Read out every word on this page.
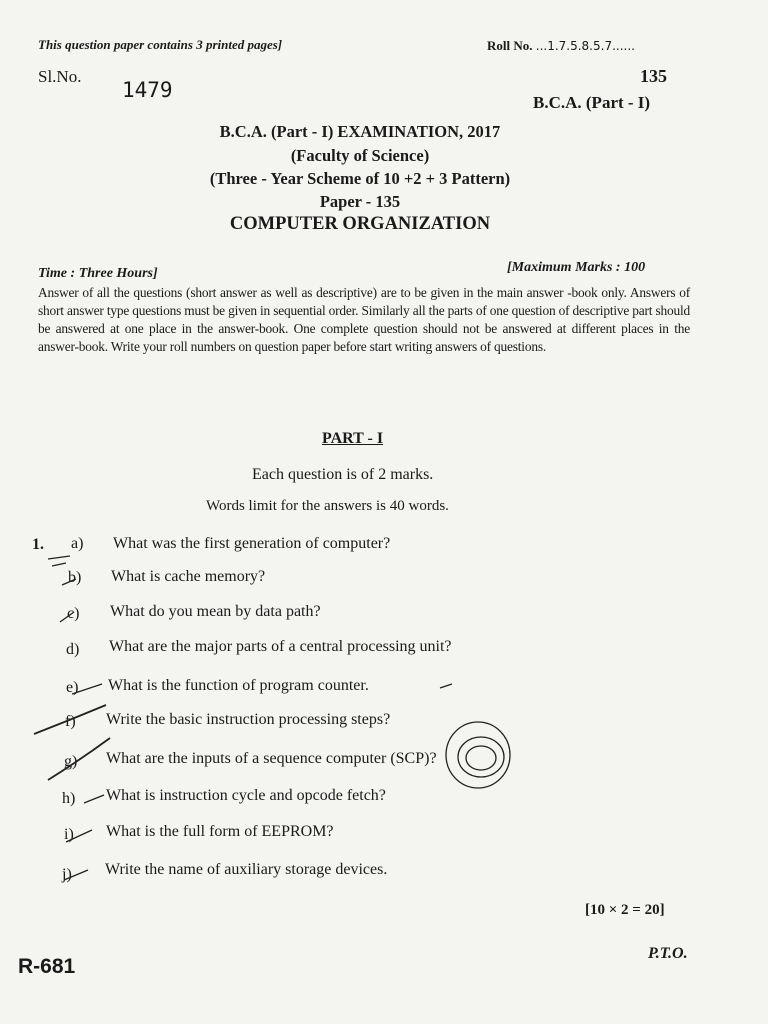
This question paper contains 3 printed pages]	Roll No. ...1.7.5.8.5.7......
Sl.No.
1479
135
B.C.A. (Part - I)
B.C.A. (Part - I) EXAMINATION, 2017
(Faculty of Science)
(Three - Year Scheme of 10 +2 + 3 Pattern)
Paper - 135
COMPUTER ORGANIZATION
Time : Three Hours]	[Maximum Marks : 100
Answer of all the questions (short answer as well as descriptive) are to be given in the main answer -book only. Answers of short answer type questions must be given in sequential order. Similarly all the parts of one question of descriptive part should be answered at one place in the answer-book. One complete question should not be answered at different places in the answer-book. Write your roll numbers on question paper before start writing answers of questions.
PART - I
Each question is of 2 marks.
Words limit for the answers is 40 words.
1. a) What was the first generation of computer?
b) What is cache memory?
c) What do you mean by data path?
d) What are the major parts of a central processing unit?
e) What is the function of program counter.
f) Write the basic instruction processing steps?
g) What are the inputs of a sequence computer (SCP)?
h) What is instruction cycle and opcode fetch?
i) What is the full form of EEPROM?
j) Write the name of auxiliary storage devices.
[10 × 2 = 20]
R-681
P.T.O.
